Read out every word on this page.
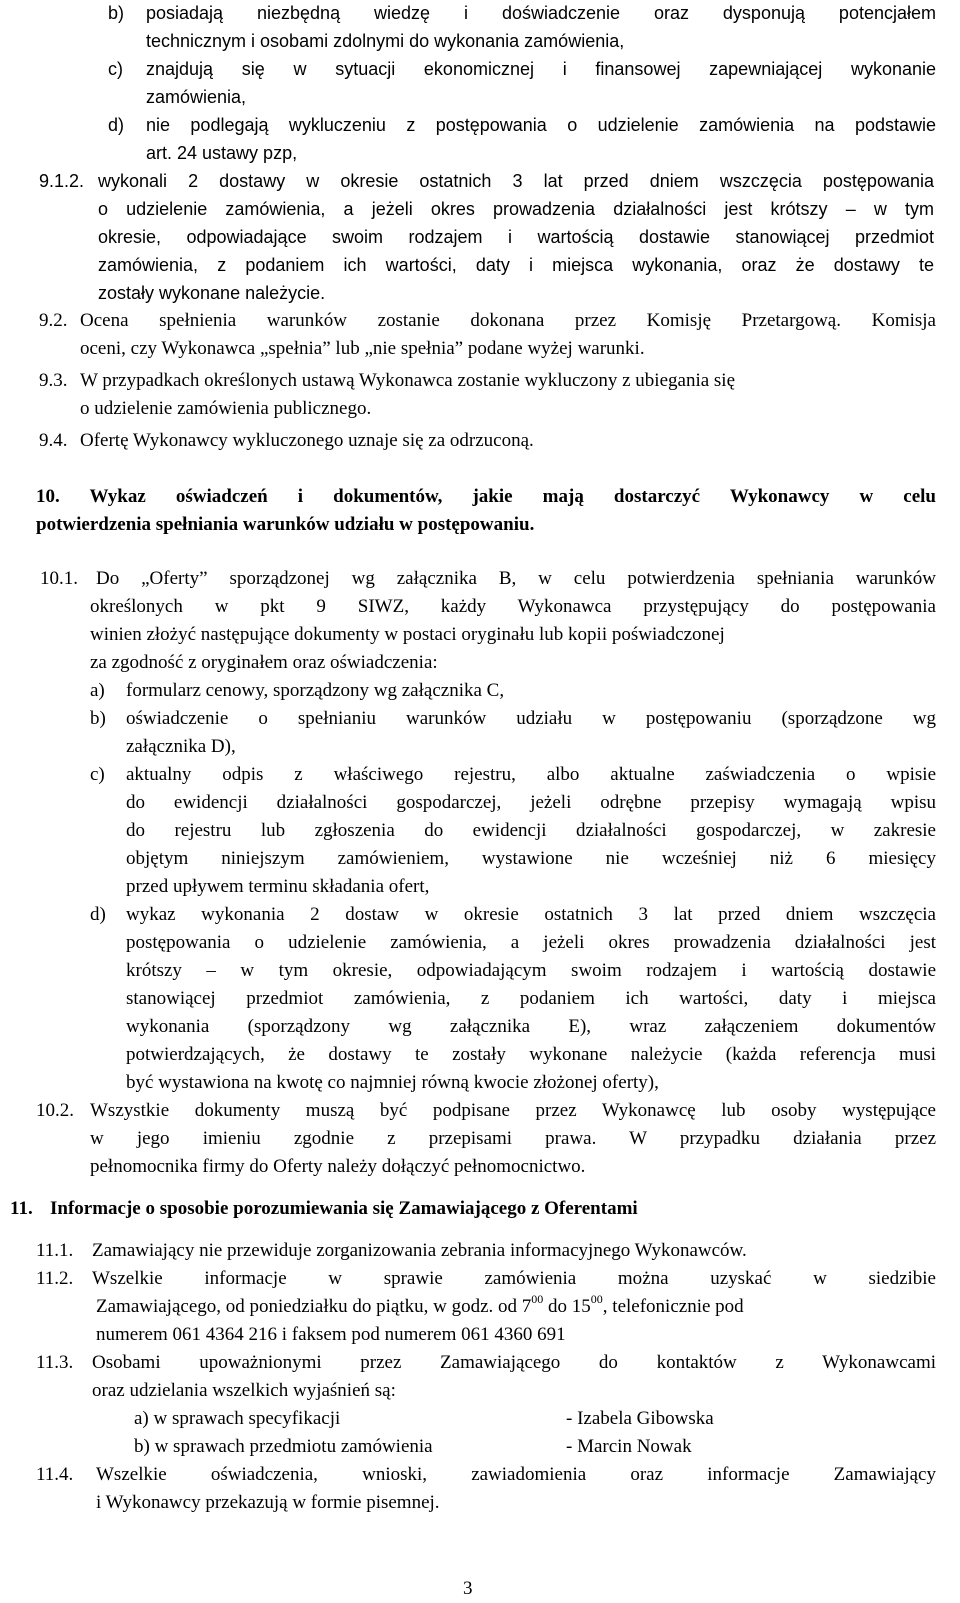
b) posiadają niezbędną wiedzę i doświadczenie oraz dysponują potencjałem
technicznym i osobami zdolnymi do wykonania zamówienia,
c) znajdują się w sytuacji ekonomicznej i finansowej zapewniającej wykonanie
zamówienia,
d) nie podlegają wykluczeniu z postępowania o udzielenie zamówienia na podstawie
art. 24 ustawy pzp,
9.1.2. wykonali 2 dostawy w okresie ostatnich 3 lat przed dniem wszczęcia postępowania
o udzielenie zamówienia, a jeżeli okres prowadzenia działalności jest krótszy – w tym
okresie, odpowiadające swoim rodzajem i wartością dostawie stanowiącej przedmiot
zamówienia, z podaniem ich wartości, daty i miejsca wykonania, oraz że dostawy te
zostały wykonane należycie.
9.2. Ocena spełnienia warunków zostanie dokonana przez Komisję Przetargową. Komisja
oceni, czy Wykonawca „spełnia” lub „nie spełnia” podane wyżej warunki.
9.3. W przypadkach określonych ustawą Wykonawca zostanie wykluczony z ubiegania się
o udzielenie zamówienia publicznego.
9.4. Ofertę Wykonawcy wykluczonego uznaje się za odrzuconą.
10. Wykaz oświadczeń i dokumentów, jakie mają dostarczyć Wykonawcy w celu
potwierdzenia spełniania warunków udziału w postępowaniu.
10.1. Do „Oferty” sporządzonej wg załącznika B, w celu potwierdzenia spełniania warunków
określonych w pkt 9 SIWZ, każdy Wykonawca przystępujący do postępowania
winien złożyć następujące dokumenty w postaci oryginału lub kopii poświadczonej
za zgodność z oryginałem oraz oświadczenia:
a) formularz cenowy, sporządzony wg załącznika C,
b) oświadczenie o spełnianiu warunków udziału w postępowaniu (sporządzone wg
załącznika D),
c) aktualny odpis z właściwego rejestru, albo aktualne zaświadczenia o wpisie
do ewidencji działalności gospodarczej, jeżeli odrębne przepisy wymagają wpisu
do rejestru lub zgłoszenia do ewidencji działalności gospodarczej, w zakresie
objętym niniejszym zamówieniem, wystawione nie wcześniej niż 6 miesięcy
przed upływem terminu składania ofert,
d) wykaz wykonania 2 dostaw w okresie ostatnich 3 lat przed dniem wszczęcia
postępowania o udzielenie zamówienia, a jeżeli okres prowadzenia działalności jest
krótszy – w tym okresie, odpowiadającym swoim rodzajem i wartością dostawie
stanowiącej przedmiot zamówienia, z podaniem ich wartości, daty i miejsca
wykonania (sporządzony wg załącznika E), wraz załączeniem dokumentów
potwierdzających, że dostawy te zostały wykonane należycie (każda referencja musi
być wystawiona na kwotę co najmniej równą kwocie złożonej oferty),
10.2. Wszystkie dokumenty muszą być podpisane przez Wykonawcę lub osoby występujące
w jego imieniu zgodnie z przepisami prawa. W przypadku działania przez
pełnomocnika firmy do Oferty należy dołączyć pełnomocnictwo.
11. Informacje o sposobie porozumiewania się Zamawiającego z Oferentami
11.1. Zamawiający nie przewiduje zorganizowania zebrania informacyjnego Wykonawców.
11.2. Wszelkie informacje w sprawie zamówienia można uzyskać w siedzibie
Zamawiającego, od poniedziałku do piątku, w godz. od $7^{00}$ do $15^{00}$, telefonicznie pod
numerem 061 4364 216 i faksem pod numerem 061 4360 691
11.3. Osobami upoważnionymi przez Zamawiającego do kontaktów z Wykonawcami
oraz udzielania wszelkich wyjaśnień są:
a) w sprawach specyfikacji	- Izabela Gibowska
b) w sprawach przedmiotu zamówienia	- Marcin Nowak
11.4. Wszelkie oświadczenia, wnioski, zawiadomienia oraz informacje Zamawiający
i Wykonawcy przekazują w formie pisemnej.
3
